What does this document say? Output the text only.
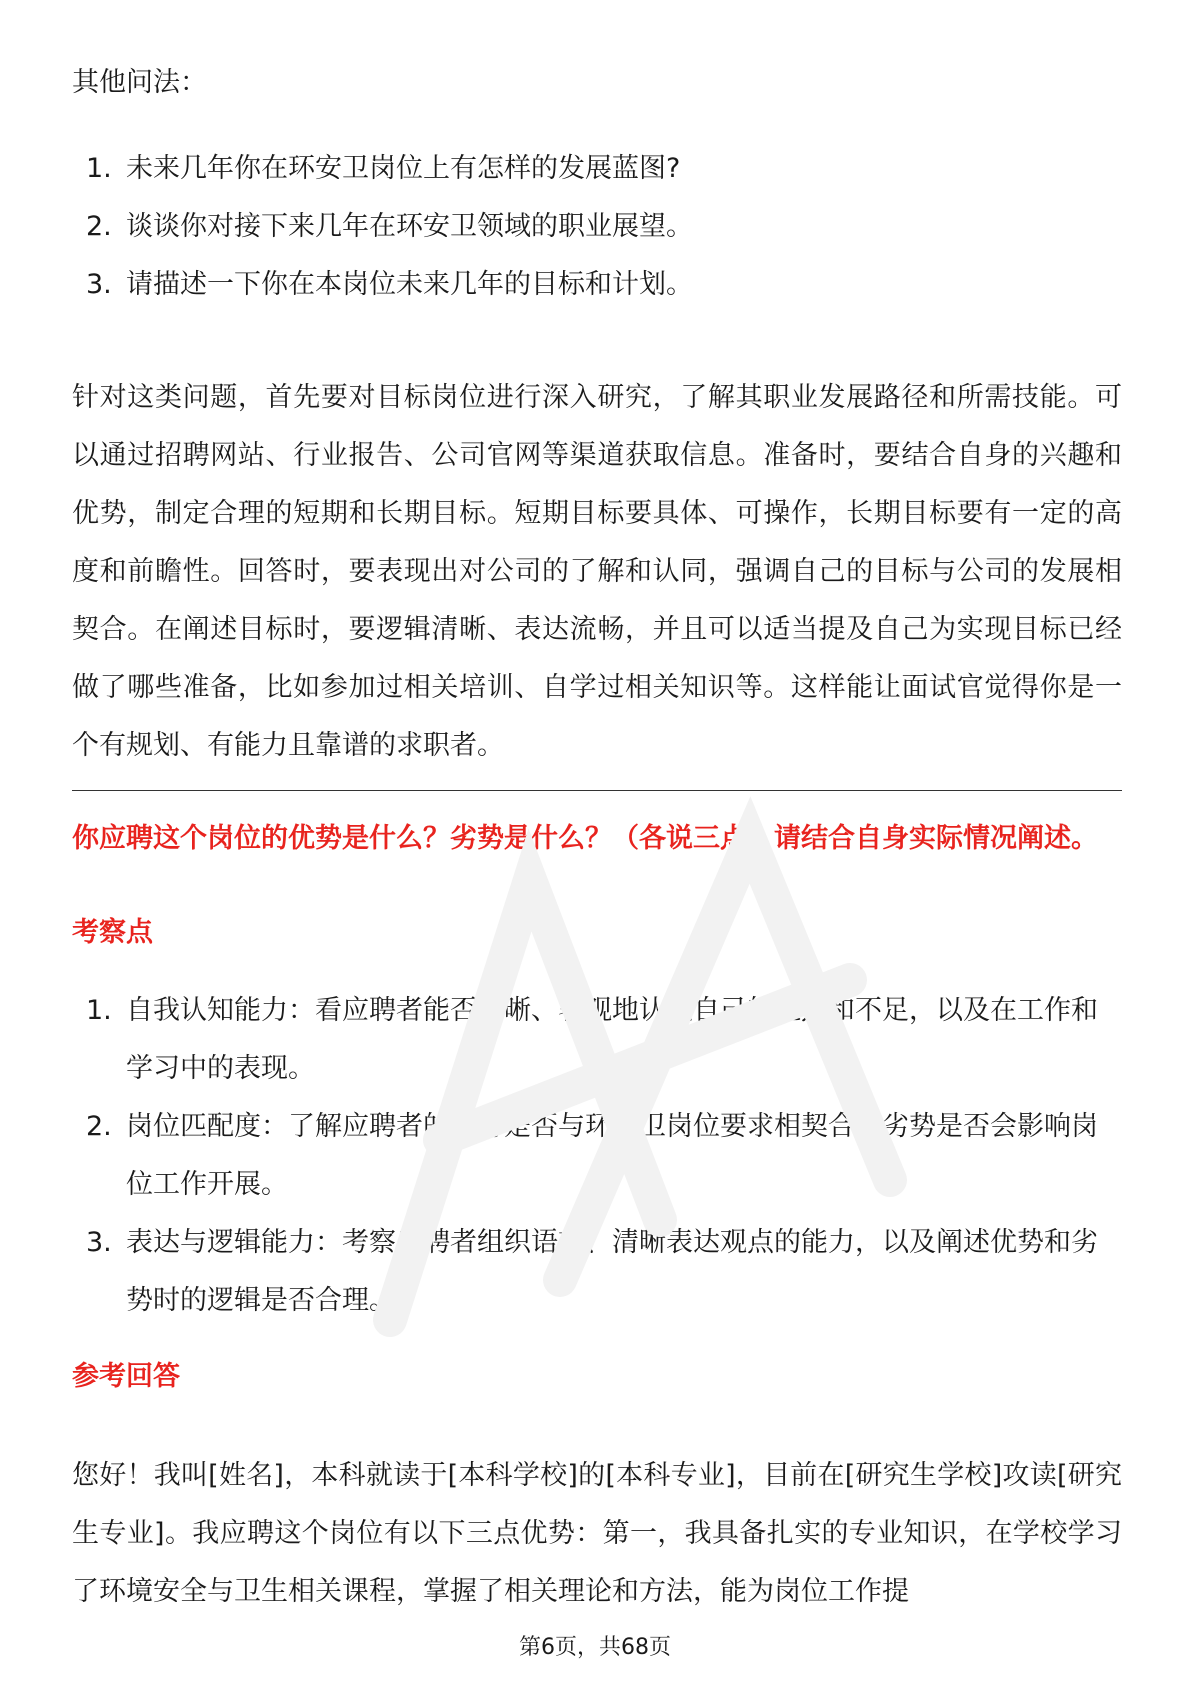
其他问法：

1. 未来几年你在环安卫岗位上有怎样的发展蓝图?
2. 谈谈你对接下来几年在环安卫领域的职业展望。
3. 请描述一下你在本岗位未来几年的目标和计划。

针对这类问题，首先要对目标岗位进行深入研究，了解其职业发展路径和所需技能。可以通过招聘网站、行业报告、公司官网等渠道获取信息。准备时，要结合自身的兴趣和优势，制定合理的短期和长期目标。短期目标要具体、可操作，长期目标要有一定的高度和前瞻性。回答时，要表现出对公司的了解和认同，强调自己的目标与公司的发展相契合。在阐述目标时，要逻辑清晰、表达流畅，并且可以适当提及自己为实现目标已经做了哪些准备，比如参加过相关培训、自学过相关知识等。这样能让面试官觉得你是一个有规划、有能力且靠谱的求职者。

你应聘这个岗位的优势是什么？劣势是什么？（各说三点）请结合自身实际情况阐述。
考察点
1. 自我认知能力：看应聘者能否清晰、客观地认识自己的优点和不足，以及在工作和学习中的表现。
2. 岗位匹配度：了解应聘者的优势是否与环安卫岗位要求相契合，劣势是否会影响岗位工作开展。
3. 表达与逻辑能力：考察应聘者组织语言、清晰表达观点的能力，以及阐述优势和劣势时的逻辑是否合理。
参考回答

您好！我叫[姓名]，本科就读于[本科学校]的[本科专业]，目前在[研究生学校]攻读[研究生专业]。我应聘这个岗位有以下三点优势：第一，我具备扎实的专业知识，在学校学习了环境安全与卫生相关课程，掌握了相关理论和方法，能为岗位工作提

第6页，共68页
